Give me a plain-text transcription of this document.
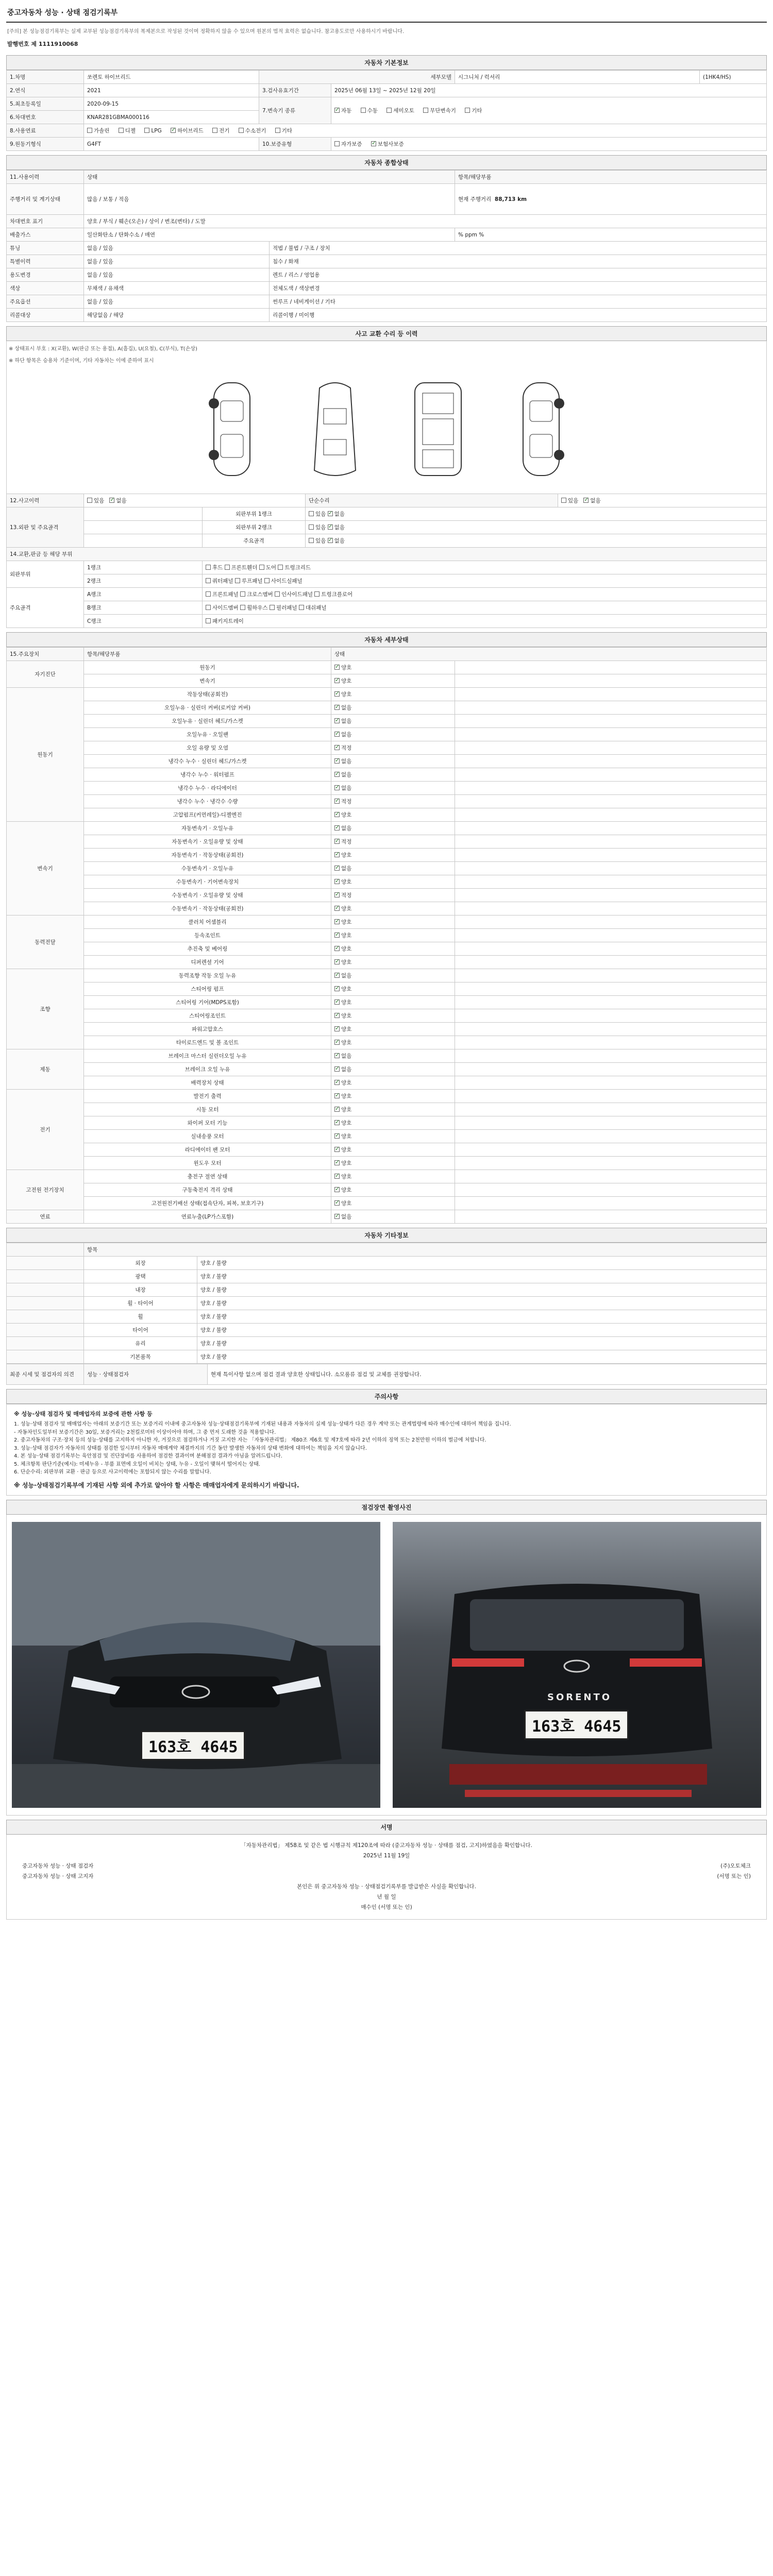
중고자동차 성능 · 상태 점검기록부
[주의] 본 성능점검기록부는 실제 교부된 성능점검기록부의 복제본으로 작성된 것이며 정확하지 않을 수 있으며 원본의 법적 효력은 없습니다. 참고용도로만 사용하시기 바랍니다.
발행번호 제 1111910068
자동차 기본정보
1.차명	쏘렌토 하이브리드	세부모델		시그니처 / 럭셔리	(1HK4/HS)
2.연식	2021	3.검사유효기간	2025년 06월 13일 ~ 2025년 12월 20일		
5.최초등록일	2020-09-15	7.변속기 종류	✓자동 수동 세미오토 무단변속기 기타
6.차대번호	KNAR281GBMA000116				
8.사용연료	가솔린 디젤 LPG ✓ 하이브리드 전기 수소전기 기타
9.원동기형식	G4FT	10.보증유형	자가보증 ✓ 보험사보증
자동차 종합상태
11.사용이력	상태		항목/해당부품
주행거리 및 계기상태	많음 / 보통 / 적음		현재 주행거리 88,713 km
차대번호 표기	양호 / 부식 / 훼손(오손) / 상이 / 변조(변타) / 도말		
배출가스	일산화탄소 / 탄화수소 / 매연		% ppm %
튜닝	없음 / 있음	적법 / 불법 / 구조 / 장치	
특별이력	없음 / 있음	침수 / 화재	
용도변경	없음 / 있음	렌트 / 리스 / 영업용	
색상	무채색 / 유채색	전체도색 / 색상변경	
주요옵션	없음 / 있음	썬루프 / 네비게이션 / 기타	
리콜대상	해당없음 / 해당	리콜이행 / 미이행	
사고 교환 수리 등 이력
※ 상태표시 부호 : X(교환), W(판금 또는 용접), A(흠집), U(요철), C(부식), T(손상)
※ 하단 항목은 승용차 기준이며, 기타 자동차는 이에 준하여 표시
12.사고이력	있음   ✓없음		단순수리	있음   ✓없음
13.외판 및 주요골격		외판부위 1랭크	있음 ✓없음
		외판부위 2랭크	있음 ✓없음
		주요골격	있음 ✓없음
14.교환,판금 등 해당 부위				
외판부위	1랭크	후드 프론트휀더 도어 트렁크리드		
	2랭크	쿼터패널 루프패널 사이드실패널		
주요골격	A랭크	프론트패널 크로스멤버 인사이드패널 트렁크플로어		
	B랭크	사이드멤버 휠하우스 필러패널 대쉬패널		
	C랭크	패키지트레이		
자동차 세부상태
15.주요장치	항목/해당부품	상태	
자기진단	원동기	✓양호	
	변속기	✓양호	
원동기	작동상태(공회전)	✓양호	
	오일누유 · 실린더 커버(로커암 커버)	✓없음	
	오일누유 · 실린더 헤드/가스켓	✓없음	
	오일누유 · 오일팬	✓없음	
	오일 유량 및 오염	✓적정	
	냉각수 누수 · 실린더 헤드/가스켓	✓없음	
	냉각수 누수 · 워터펌프	✓없음	
	냉각수 누수 · 라디에이터	✓없음	
	냉각수 누수 · 냉각수 수량	✓적정	
	고압펌프(커먼레일)-디젤엔진	✓양호	
변속기	자동변속기 · 오일누유	✓없음	
	자동변속기 · 오일유량 및 상태	✓적정	
	자동변속기 · 작동상태(공회전)	✓양호	
	수동변속기 · 오일누유	✓없음	
	수동변속기 · 기어변속장치	✓양호	
	수동변속기 · 오일유량 및 상태	✓적정	
	수동변속기 · 작동상태(공회전)	✓양호	
동력전달	클러치 어셈블리	✓양호	
	등속조인트	✓양호	
	추진축 및 베어링	✓양호	
	디퍼렌셜 기어	✓양호	
조향	동력조향 작동 오일 누유	✓없음	
	스티어링 펌프	✓양호	
	스티어링 기어(MDPS포함)	✓양호	
	스티어링조인트	✓양호	
	파워고압호스	✓양호	
	타이로드엔드 및 볼 조인트	✓양호	
제동	브레이크 마스터 실린더오일 누유	✓없음	
	브레이크 오일 누유	✓없음	
	배력장치 상태	✓양호	
전기	발전기 출력	✓양호	
	시동 모터	✓양호	
	와이퍼 모터 기능	✓양호	
	실내송풍 모터	✓양호	
	라디에이터 팬 모터	✓양호	
	윈도우 모터	✓양호	
고전원 전기장치	충전구 절연 상태	✓양호	
	구동축전지 격리 상태	✓양호	
	고전원전기배선 상태(접속단자, 피복, 보호기구)	✓양호	
연료	연료누출(LP가스포함)	✓없음	
자동차 기타정보
	항목	
	외장	양호 / 불량
	광택	양호 / 불량
	내장	양호 / 불량
	휠 · 타이어	양호 / 불량
	휠	양호 / 불량
	타이어	양호 / 불량
	유리	양호 / 불량
	기본품목	양호 / 불량
최종 시세 및 점검자의 의견	성능 · 상태점검자	현재 특이사항 없으며 점검 결과 양호한 상태입니다. 소모품류 점검 및 교체를 권장합니다.
주의사항
※ 성능·상태 점검자 및 매매업자의 보증에 관한 사항 등
1. 성능·상태 점검자 및 매매업자는 아래의 보증기간 또는 보증거리 이내에 중고자동차 성능·상태점검기록부에 기재된 내용과 자동차의 실제 성능·상태가 다른 경우 계약 또는 관계법령에 따라 매수인에 대하여 책임을 집니다.
- 자동차인도일부터 보증기간은 30일, 보증거리는 2천킬로미터 이상이어야 하며, 그 중 먼저 도래한 것을 적용합니다.
2. 중고자동차의 구조·장치 등의 성능·상태를 고지하지 아니한 자, 거짓으로 점검하거나 거짓 고지한 자는 「자동차관리법」 제80조 제6호 및 제7호에 따라 2년 이하의 징역 또는 2천만원 이하의 벌금에 처합니다.
3. 성능·상태 점검자가 자동차의 상태를 점검한 일시부터 자동차 매매계약 체결까지의 기간 동안 발생한 자동차의 상태 변화에 대하여는 책임을 지지 않습니다.
4. 본 성능·상태 점검기록부는 육안점검 및 진단장비를 사용하여 점검한 결과이며 분해점검 결과가 아님을 알려드립니다.
5. 체크항목 판단기준(예시): 미세누유 - 부품 표면에 오일이 비치는 상태, 누유 - 오일이 맺혀서 떨어지는 상태.
6. 단순수리: 외판부위 교환 · 판금 등으로 사고이력에는 포함되지 않는 수리를 말합니다.
※ 성능·상태점검기록부에 기재된 사항 외에 추가로 알아야 할 사항은 매매업자에게 문의하시기 바랍니다.
점검장면 촬영사진
163호 4645
SORENTO
163호 4645
서명
「자동차관리법」 제58조 및 같은 법 시행규칙 제120조에 따라 (중고자동차 성능 · 상태를 점검, 고지)하였음을 확인합니다.
2025년 11월 19일
중고자동차 성능 · 상태 점검자	(주)오토체크
중고자동차 성능 · 상태 고지자	(서명 또는 인)
본인은 위 중고자동차 성능 · 상태점검기록부를 발급받은 사실을 확인합니다.
년 월 일
매수인 (서명 또는 인)
